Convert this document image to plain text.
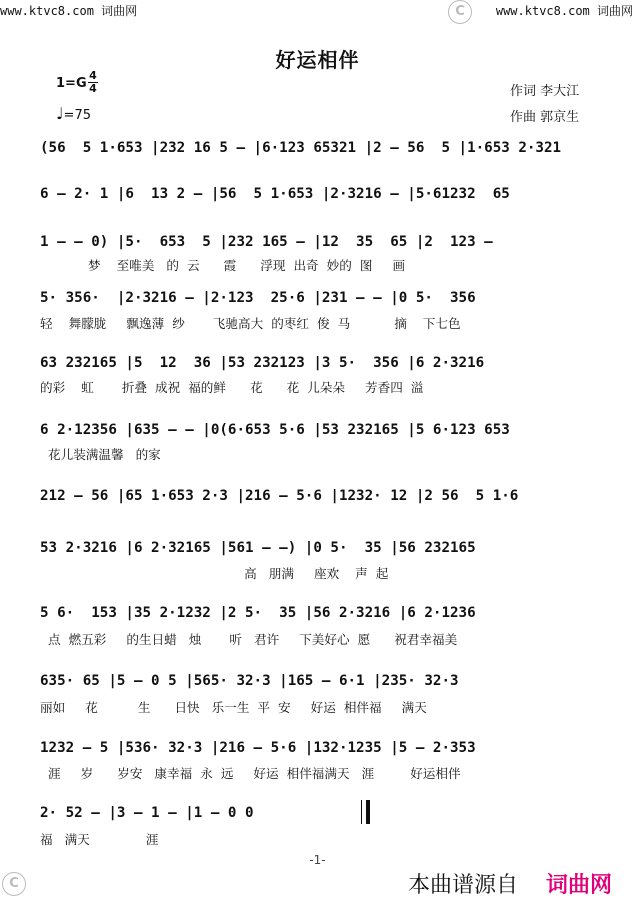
www.ktvc8.com 词曲网	C	www.ktvc8.com 词曲网
好运相伴
1=G
4
4
♩=75
作词 李大江
作曲 郭京生
(56  5 1·653 |232 16 5 — |6·123 65321 |2 — 56  5 |1·653 2·321
6 — 2· 1 |6  13 2 — |56  5 1·653 |2·3216 — |5·61232  65
1 — — 0) |5·  653  5 |232 165 — |12  35  65 |2  123 —
梦    至唯美   的  云      霞      浮现  出奇  妙的  图     画
5· 356·  |2·3216 — |2·123  25·6 |231 — — |0 5·  356
轻    舞朦胧     飘逸薄  纱       飞驰高大  的枣红  俊  马           摘    下七色
63 232165 |5  12  36 |53 232123 |3 5·  356 |6 2·3216
的彩    虹       折叠  成祝  福的鲜      花      花  儿朵朵     芳香四  溢
6 2·12356 |635 — — |0(6·653 5·6 |53 232165 |5 6·123 653
花儿装满温馨   的家
212 — 56 |65 1·653 2·3 |216 — 5·6 |1232· 12 |2 56  5 1·6
53 2·3216 |6 2·32165 |561 — —) |0 5·  35 |56 232165
高   朋满     座欢    声  起
5 6·  153 |35 2·1232 |2 5·  35 |56 2·3216 |6 2·1236
点  燃五彩     的生日蜡   烛       听   君许     下美好心  愿      祝君幸福美
635· 65 |5 — 0 5 |565· 32·3 |165 — 6·1 |235· 32·3
丽如     花          生      日快   乐一生  平  安     好运  相伴福     满天
1232 — 5 |536· 32·3 |216 — 5·6 |132·1235 |5 — 2·353
涯     岁      岁安   康幸福  永  远     好运  相伴福满天   涯         好运相伴
2· 52 — |3 — 1 — |1 — 0 0
福   满天              涯
-1-
C	本曲谱源自 词曲网
